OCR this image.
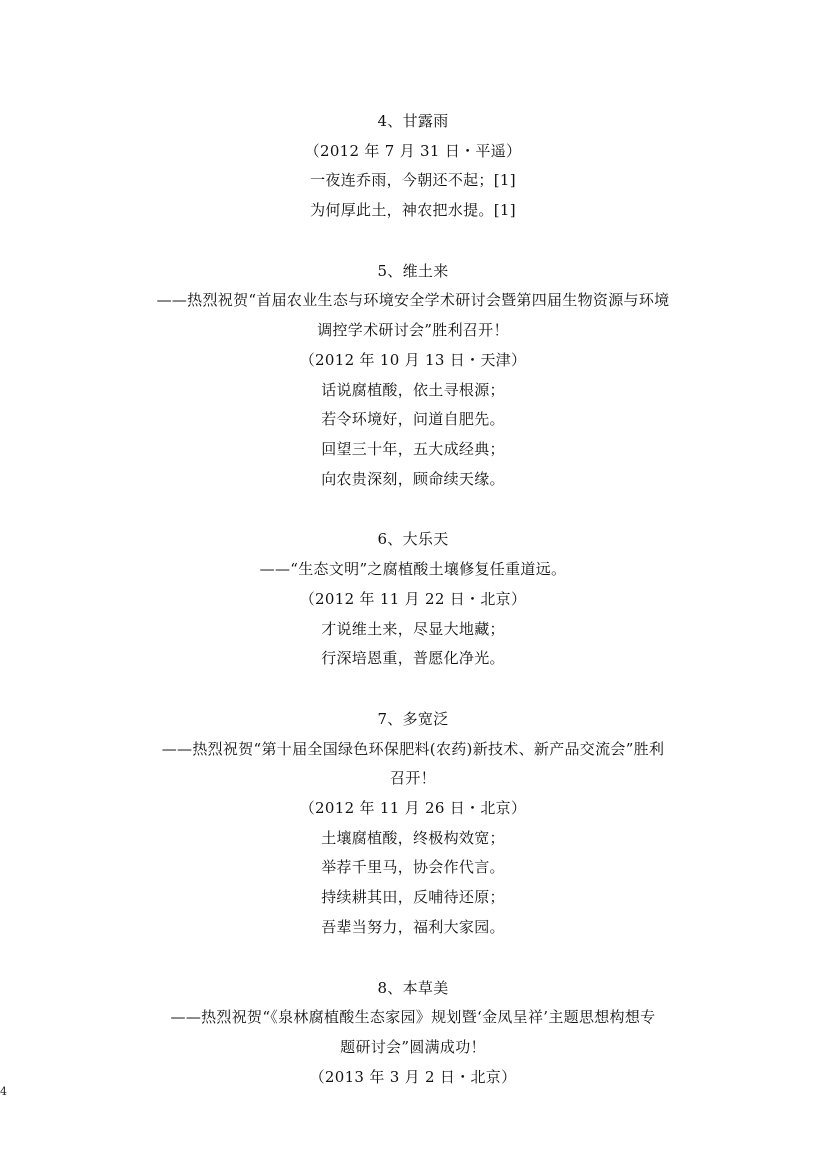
4、甘露雨
（2012 年 7 月 31 日・平遥）
一夜连乔雨，今朝还不起；[1]
为何厚此土，神农把水提。[1]
5、维土来
——热烈祝贺“首届农业生态与环境安全学术研讨会暨第四届生物资源与环境
调控学术研讨会”胜利召开！
（2012 年 10 月 13 日・天津）
话说腐植酸，依土寻根源；
若令环境好，问道自肥先。
回望三十年，五大成经典；
向农贵深刻，顾命续天缘。
6、大乐天
——“生态文明”之腐植酸土壤修复任重道远。
（2012 年 11 月 22 日・北京）
才说维土来，尽显大地藏；
行深培恩重，普愿化净光。
7、多宽泛
——热烈祝贺“第十届全国绿色环保肥料(农药)新技术、新产品交流会”胜利
召开！
（2012 年 11 月 26 日・北京）
土壤腐植酸，终极构效宽；
举荐千里马，协会作代言。
持续耕其田，反哺待还原；
吾辈当努力，福利大家园。
8、本草美
——热烈祝贺“《泉林腐植酸生态家园》规划暨‘金凤呈祥’主题思想构想专
题研讨会”圆满成功！
（2013 年 3 月 2 日・北京）
4
